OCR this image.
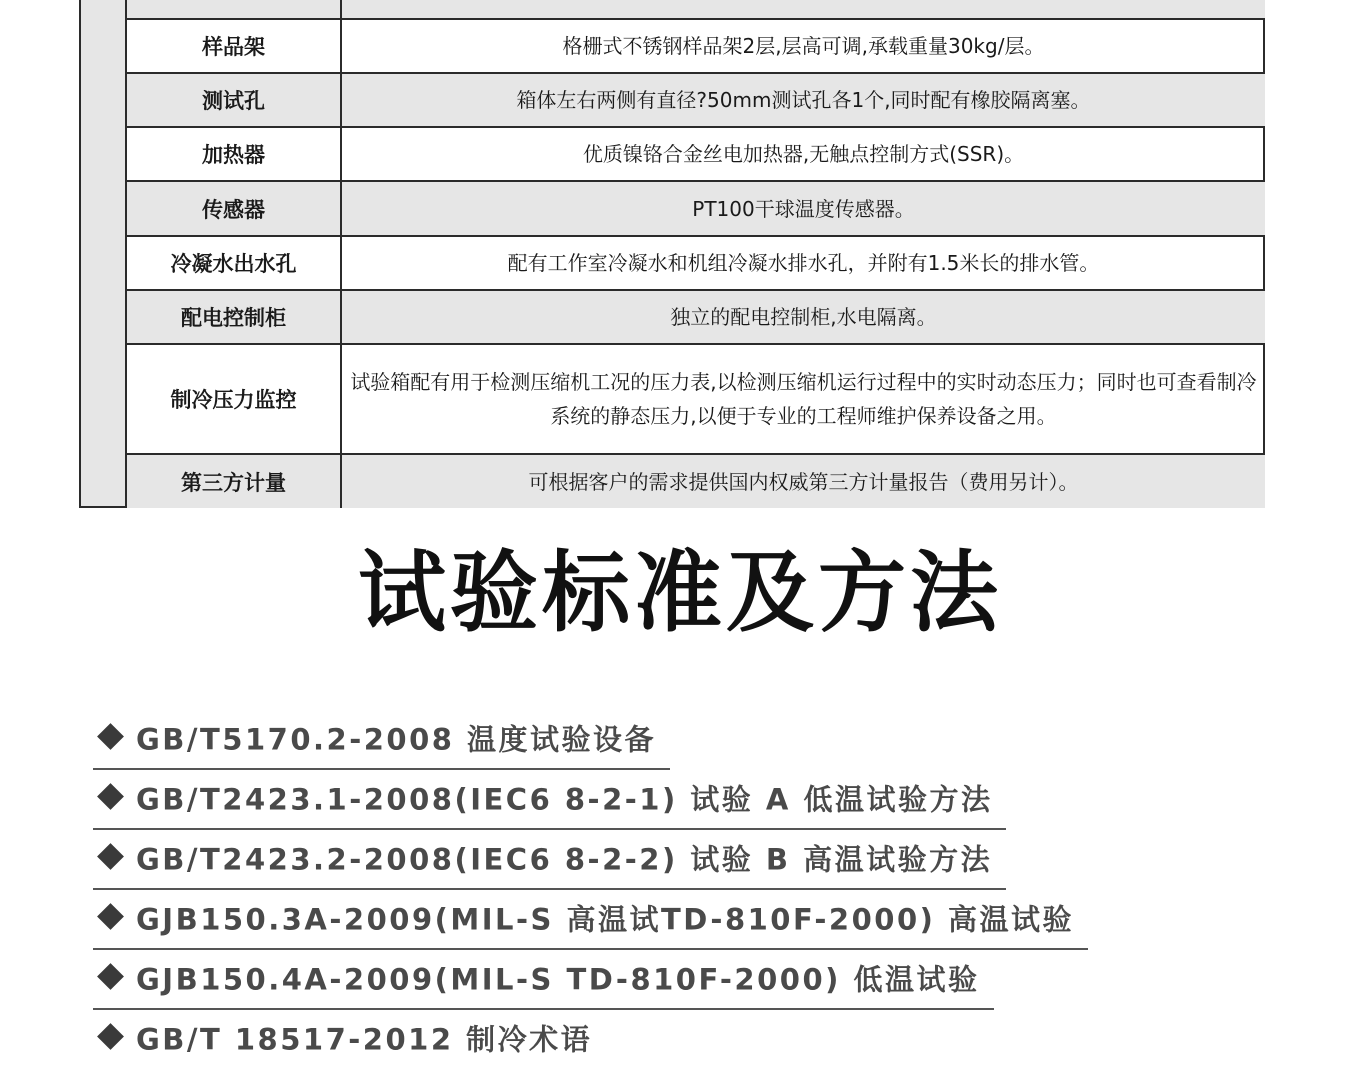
样品架	格栅式不锈钢样品架2层,层高可调,承载重量30kg/层。
测试孔	箱体左右两侧有直径?50mm测试孔各1个,同时配有橡胶隔离塞。
加热器	优质镍铬合金丝电加热器,无触点控制方式(SSR)。
传感器	PT100干球温度传感器。
冷凝水出水孔	配有工作室冷凝水和机组冷凝水排水孔，并附有1.5米长的排水管。
配电控制柜	独立的配电控制柜,水电隔离。
制冷压力监控	试验箱配有用于检测压缩机工况的压力表,以检测压缩机运行过程中的实时动态压力；同时也可查看制冷系统的静态压力,以便于专业的工程师维护保养设备之用。
第三方计量	可根据客户的需求提供国内权威第三方计量报告（费用另计）。
试验标准及方法
GB/T5170.2-2008 温度试验设备
GB/T2423.1-2008(IEC6 8-2-1) 试验 A 低温试验方法
GB/T2423.2-2008(IEC6 8-2-2) 试验 B 高温试验方法
GJB150.3A-2009(MIL-S 高温试TD-810F-2000) 高温试验
GJB150.4A-2009(MIL-S TD-810F-2000) 低温试验
GB/T 18517-2012 制冷术语
